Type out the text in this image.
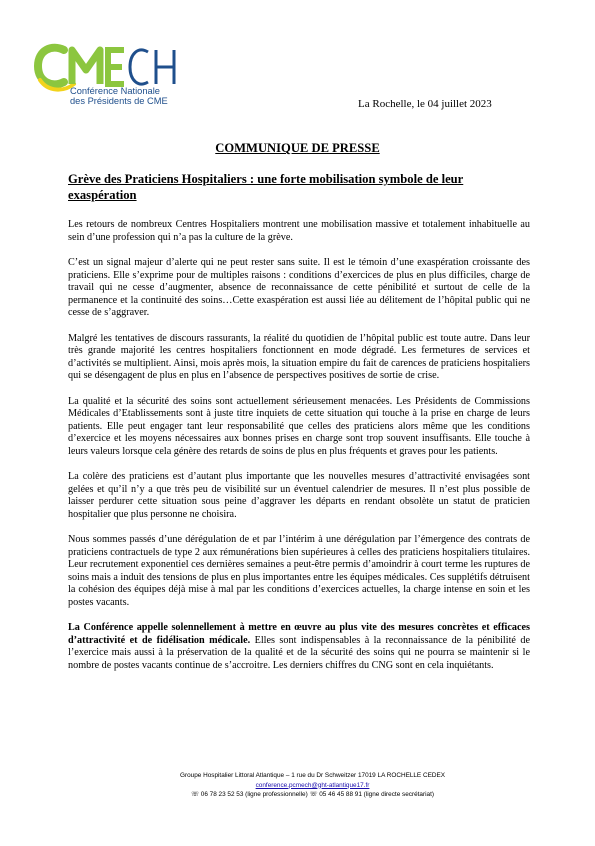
Conférence Nationale
des Présidents de CME	La Rochelle, le 04 juillet 2023
COMMUNIQUE DE PRESSE
Grève des Praticiens Hospitaliers : une forte mobilisation symbole de leur exaspération

Les retours de nombreux Centres Hospitaliers montrent une mobilisation massive et totalement inhabituelle au sein d’une profession qui n’a pas la culture de la grève.

C’est un signal majeur d’alerte qui ne peut rester sans suite. Il est le témoin d’une exaspération croissante des praticiens. Elle s’exprime pour de multiples raisons : conditions d’exercices de plus en plus difficiles, charge de travail qui ne cesse d’augmenter, absence de reconnaissance de cette pénibilité et surtout de celle de la permanence et la continuité des soins…Cette exaspération est aussi liée au délitement de l’hôpital public qui ne cesse de s’aggraver.

Malgré les tentatives de discours rassurants, la réalité du quotidien de l’hôpital public est toute autre. Dans leur très grande majorité les centres hospitaliers fonctionnent en mode dégradé. Les fermetures de services et d’activités se multiplient. Ainsi, mois après mois, la situation empire du fait de carences de praticiens hospitaliers qui se désengagent de plus en plus en l’absence de perspectives positives de sortie de crise.

La qualité et la sécurité des soins sont actuellement sérieusement menacées. Les Présidents de Commissions Médicales d’Etablissements sont à juste titre inquiets de cette situation qui touche à la prise en charge de leurs patients. Elle peut engager tant leur responsabilité que celles des praticiens alors même que les conditions d’exercice et les moyens nécessaires aux bonnes prises en charge sont trop souvent insuffisants. Elle touche à leurs valeurs lorsque cela génère des retards de soins de plus en plus fréquents et graves pour les patients.

La colère des praticiens est d’autant plus importante que les nouvelles mesures d’attractivité envisagées sont gelées et qu’il n’y a que très peu de visibilité sur un éventuel calendrier de mesures. Il n’est plus possible de laisser perdurer cette situation sous peine d’aggraver les départs en rendant obsolète un statut de praticien hospitalier que plus personne ne choisira.

Nous sommes passés d’une dérégulation de et par l’intérim à une dérégulation par l’émergence des contrats de praticiens contractuels de type 2 aux rémunérations bien supérieures à celles des praticiens hospitaliers titulaires. Leur recrutement exponentiel ces dernières semaines a peut-être permis d’amoindrir à court terme les ruptures de soins mais a induit des tensions de plus en plus importantes entre les équipes médicales. Ces supplétifs détruisent la cohésion des équipes déjà mise à mal par les conditions d’exercices actuelles, la charge intense en soin et les postes vacants.

La Conférence appelle solennellement à mettre en œuvre au plus vite des mesures concrètes et efficaces d’attractivité et de fidélisation médicale. Elles sont indispensables à la reconnaissance de la pénibilité de l’exercice mais aussi à la préservation de la qualité et de la sécurité des soins qui ne pourra se maintenir si le nombre de postes vacants continue de s’accroitre. Les derniers chiffres du CNG sont en cela inquiétants.

Groupe Hospitalier Littoral Atlantique – 1 rue du Dr Schweitzer 17019 LA ROCHELLE CEDEX
conference.pcmech@ght-atlantique17.fr
☏ 06 78 23 52 53 (ligne professionnelle) ☏ 05 46 45 88 91 (ligne directe secrétariat)
